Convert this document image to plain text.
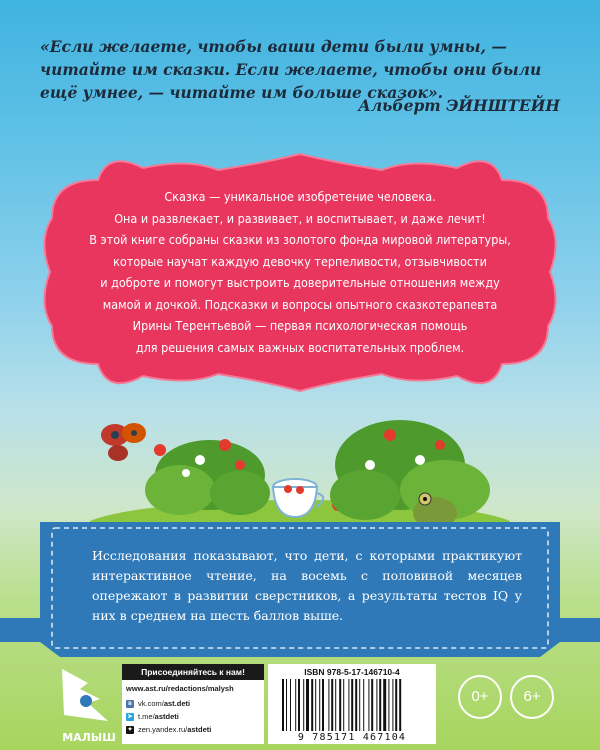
«Если желаете, чтобы ваши дети были умны, — читайте им сказки. Если желаете, чтобы они были ещё умнее, — читайте им больше сказок».
Альберт ЭЙНШТЕЙН
Сказка — уникальное изобретение человека.
Она и развлекает, и развивает, и воспитывает, и даже лечит!
В этой книге собраны сказки из золотого фонда мировой литературы,
которые научат каждую девочку терпеливости, отзывчивости
и доброте и помогут выстроить доверительные отношения между
мамой и дочкой. Подсказки и вопросы опытного сказкотерапевта
Ирины Терентьевой — первая психологическая помощь
для решения самых важных воспитательных проблем.
Исследования показывают, что дети, с которыми практикуют интерактивное чтение, на восемь с половиной месяцев опережают в развитии сверстников, а результаты тестов IQ у них в среднем на шесть баллов выше.
МАЛЫШ
Присоединяйтесь к нам!
www.ast.ru/redactions/malysh
в vk.com/ast.deti
➤ t.me/astdeti
✦ zen.yandex.ru/astdeti
ISBN 978-5-17-146710-4
9 785171 467104
0+	6+
